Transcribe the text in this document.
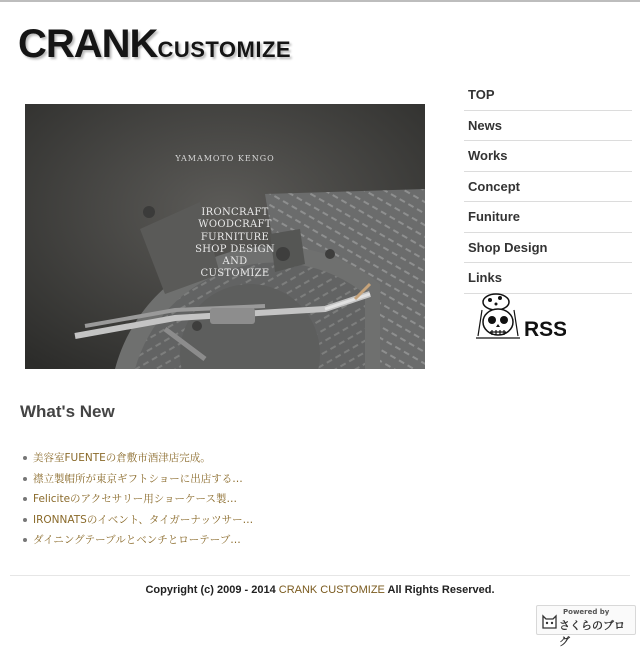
CRANK CUSTOMIZE
YAMAMOTO KENGO
IRONCRAFT
WOODCRAFT
FURNITURE
SHOP DESIGN
AND
CUSTOMIZE
TOP
News
Works
Concept
Funiture
Shop Design
Links
RSS
What's New
美容室FUENTEの倉敷市酒津店完成。
襟立製帽所が東京ギフトショーに出店する…
Feliciteのアクセサリー用ショーケース製…
IRONNATSのイベント、タイガーナッツサー…
ダイニングテーブルとベンチとローテーブ…
Copyright (c) 2009 - 2014 CRANK CUSTOMIZE All Rights Reserved.
Powered by
さくらのブログ
